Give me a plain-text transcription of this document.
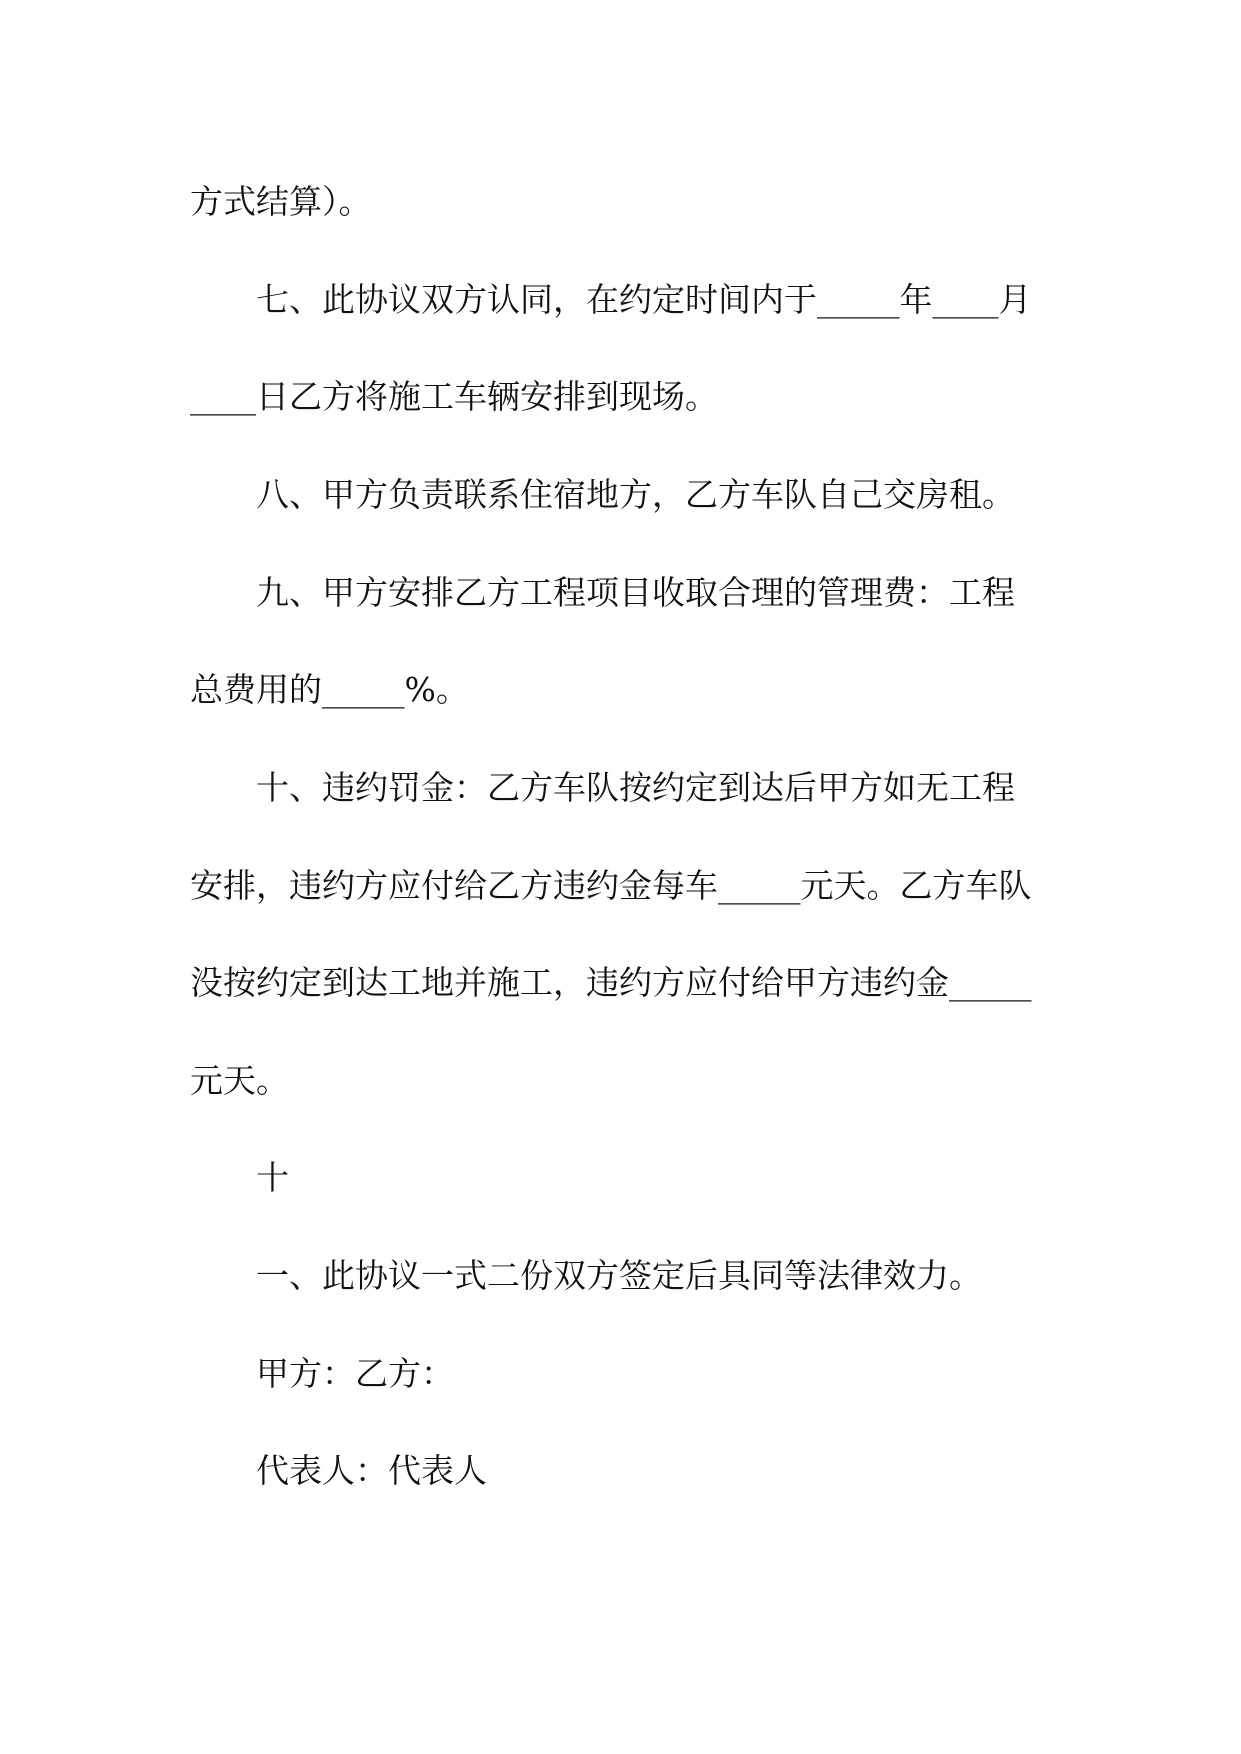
方式结算）。

七、此协议双方认同，在约定时间内于_____年____月

____日乙方将施工车辆安排到现场。

八、甲方负责联系住宿地方，乙方车队自己交房租。

九、甲方安排乙方工程项目收取合理的管理费：工程

总费用的_____%。

十、违约罚金：乙方车队按约定到达后甲方如无工程

安排，违约方应付给乙方违约金每车_____元天。乙方车队

没按约定到达工地并施工，违约方应付给甲方违约金_____

元天。

十

一、此协议一式二份双方签定后具同等法律效力。

甲方：乙方：

代表人：代表人
